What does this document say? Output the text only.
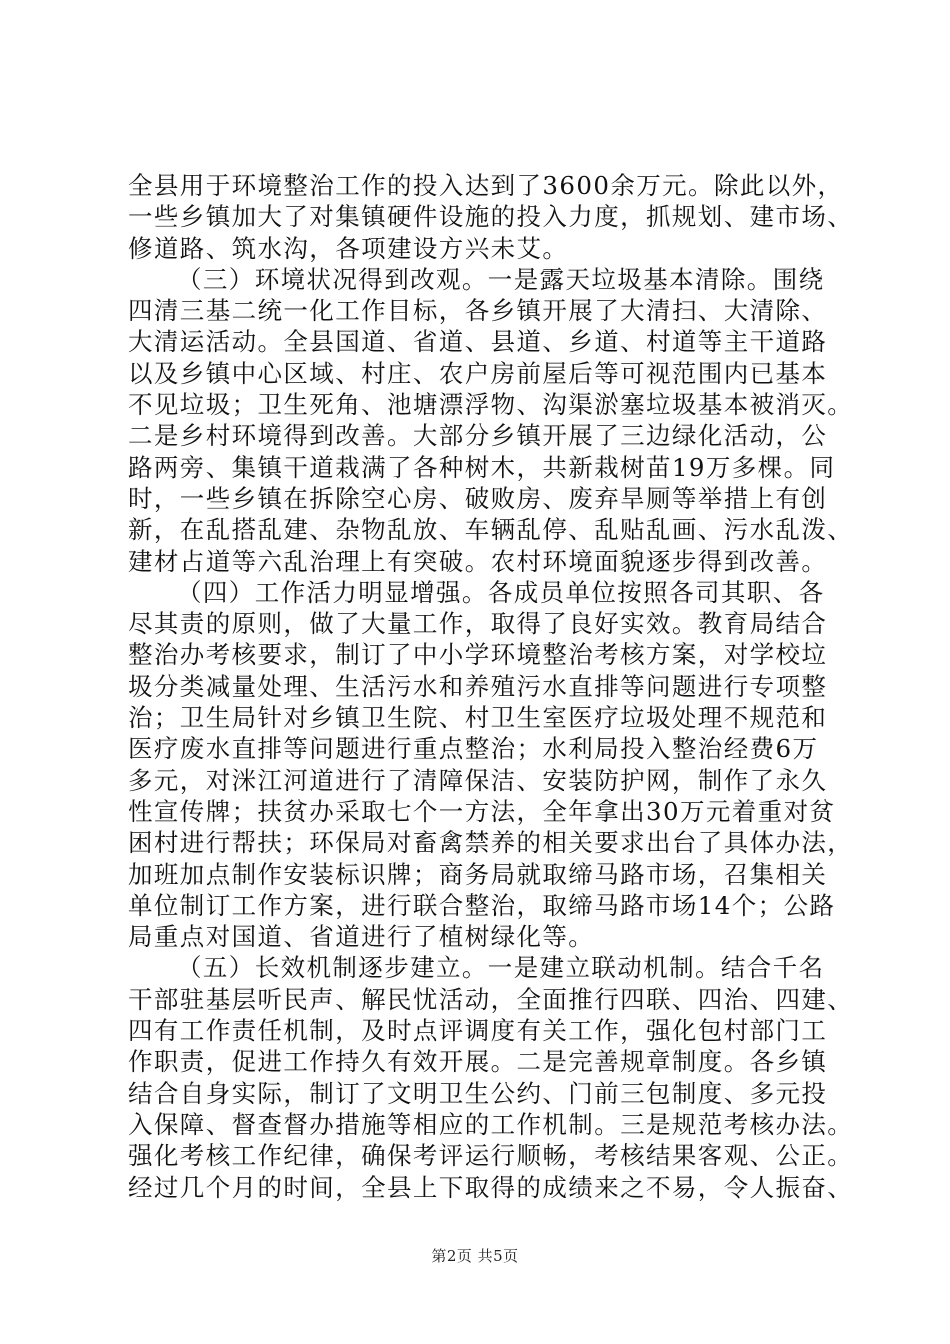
全县用于环境整治工作的投入达到了3600余万元。除此以外，
一些乡镇加大了对集镇硬件设施的投入力度，抓规划、建市场、
修道路、筑水沟，各项建设方兴未艾。
（三）环境状况得到改观。一是露天垃圾基本清除。围绕
四清三基二统一化工作目标，各乡镇开展了大清扫、大清除、
大清运活动。全县国道、省道、县道、乡道、村道等主干道路
以及乡镇中心区域、村庄、农户房前屋后等可视范围内已基本
不见垃圾；卫生死角、池塘漂浮物、沟渠淤塞垃圾基本被消灭。
二是乡村环境得到改善。大部分乡镇开展了三边绿化活动，公
路两旁、集镇干道栽满了各种树木，共新栽树苗19万多棵。同
时，一些乡镇在拆除空心房、破败房、废弃旱厕等举措上有创
新，在乱搭乱建、杂物乱放、车辆乱停、乱贴乱画、污水乱泼、
建材占道等六乱治理上有突破。农村环境面貌逐步得到改善。
（四）工作活力明显增强。各成员单位按照各司其职、各
尽其责的原则，做了大量工作，取得了良好实效。教育局结合
整治办考核要求，制订了中小学环境整治考核方案，对学校垃
圾分类减量处理、生活污水和养殖污水直排等问题进行专项整
治；卫生局针对乡镇卫生院、村卫生室医疗垃圾处理不规范和
医疗废水直排等问题进行重点整治；水利局投入整治经费6万
多元，对洣江河道进行了清障保洁、安装防护网，制作了永久
性宣传牌；扶贫办采取七个一方法，全年拿出30万元着重对贫
困村进行帮扶；环保局对畜禽禁养的相关要求出台了具体办法，
加班加点制作安装标识牌；商务局就取缔马路市场，召集相关
单位制订工作方案，进行联合整治，取缔马路市场14个；公路
局重点对国道、省道进行了植树绿化等。
（五）长效机制逐步建立。一是建立联动机制。结合千名
干部驻基层听民声、解民忧活动，全面推行四联、四治、四建、
四有工作责任机制，及时点评调度有关工作，强化包村部门工
作职责，促进工作持久有效开展。二是完善规章制度。各乡镇
结合自身实际，制订了文明卫生公约、门前三包制度、多元投
入保障、督查督办措施等相应的工作机制。三是规范考核办法。
强化考核工作纪律，确保考评运行顺畅，考核结果客观、公正。
经过几个月的时间，全县上下取得的成绩来之不易，令人振奋、
第2页 共5页
